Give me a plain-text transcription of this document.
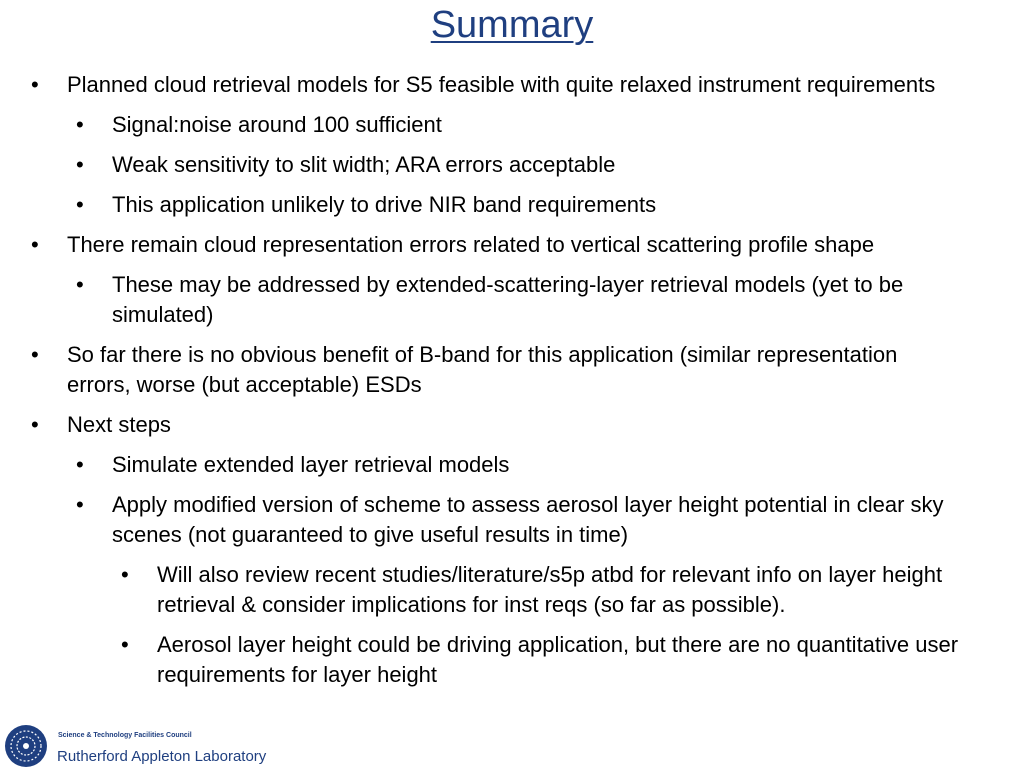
Summary
• Planned cloud retrieval models for S5 feasible with quite relaxed instrument requirements
• Signal:noise around 100 sufficient
• Weak sensitivity to slit width; ARA errors acceptable
• This application unlikely to drive NIR band requirements
• There remain cloud representation errors related to vertical scattering profile shape
• These may be addressed by extended-scattering-layer retrieval models (yet to be simulated)
• So far there is no obvious benefit of B-band for this application (similar representation errors, worse (but acceptable) ESDs
• Next steps
• Simulate extended layer retrieval models
• Apply modified version of scheme to assess aerosol layer height potential in clear sky scenes (not guaranteed to give useful results in time)
• Will also review recent studies/literature/s5p atbd for relevant info on layer height retrieval & consider implications for inst reqs (so far as possible).
• Aerosol layer height could be driving application, but there are no quantitative user requirements for layer height
Science & Technology Facilities Council
Rutherford Appleton Laboratory
